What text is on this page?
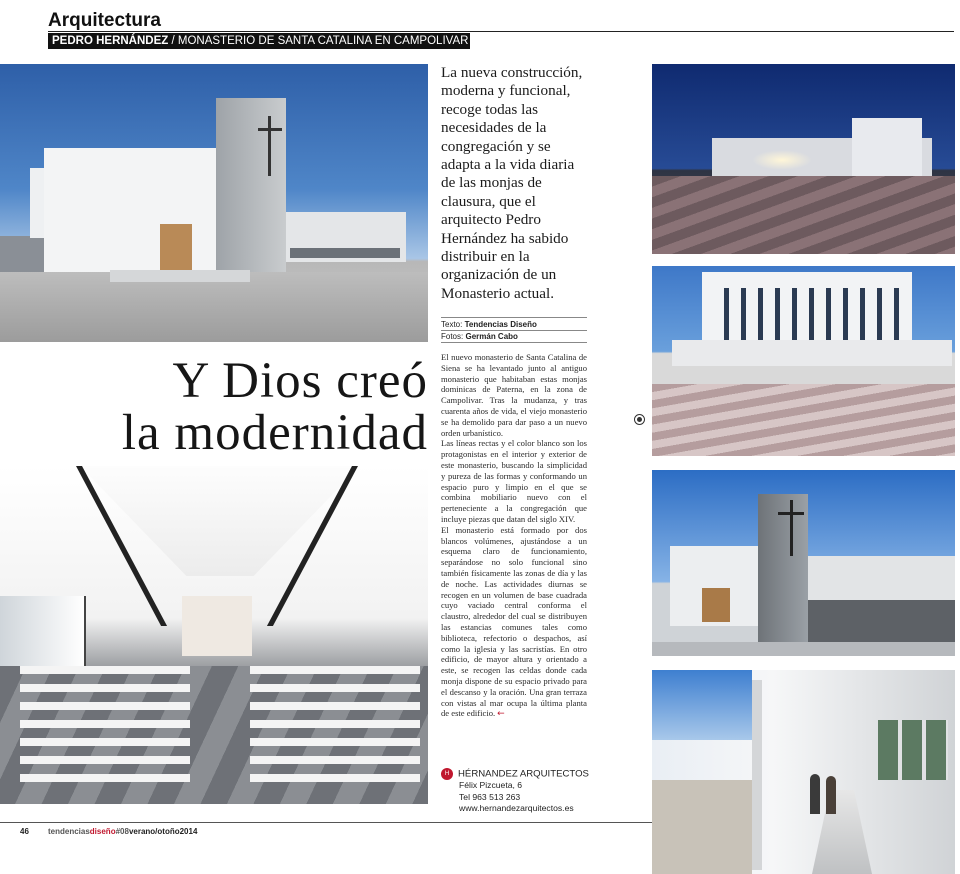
Arquitectura
PEDRO HERNÁNDEZ / MONASTERIO DE SANTA CATALINA EN CAMPOLIVAR
La nueva construcción, moderna y funcional, recoge todas las necesidades de la congregación y se adapta a la vida diaria de las monjas de clausura, que el arquitecto Pedro Hernández ha sabido distribuir en la organización de un Monasterio actual.
Texto: Tendencias Diseño
Fotos: Germán Cabo
Y Dios creó
la modernidad

El nuevo monasterio de Santa Catalina de Siena se ha levantado junto al antiguo monasterio que habitaban estas monjas dominicas de Paterna, en la zona de Campolivar. Tras la mudanza, y tras cuarenta años de vida, el viejo monasterio se ha demolido para dar paso a un nuevo orden urbanístico.

Las líneas rectas y el color blanco son los protagonistas en el interior y exterior de este monasterio, buscando la simplicidad y pureza de las formas y conformando un espacio puro y limpio en el que se combina mobiliario nuevo con el perteneciente a la congregación que incluye piezas que datan del siglo XIV.

El monasterio está formado por dos blancos volúmenes, ajustándose a un esquema claro de funcionamiento, separándose no solo funcional sino también físicamente las zonas de día y las de noche. Las actividades diurnas se recogen en un volumen de base cuadrada cuyo vaciado central conforma el claustro, alrededor del cual se distribuyen las estancias comunes tales como biblioteca, refectorio o despachos, así como la iglesia y las sacristías. En otro edificio, de mayor altura y orientado a este, se recogen las celdas donde cada monja dispone de su espacio privado para el descanso y la oración. Una gran terraza con vistas al mar ocupa la última planta de este edificio. ←

H HÉRNANDEZ ARQUITECTOS
Félix Pizcueta, 6
Tel 963 513 263
www.hernandezarquitectos.es
46 tendenciasdiseño#08verano/otoño2014
